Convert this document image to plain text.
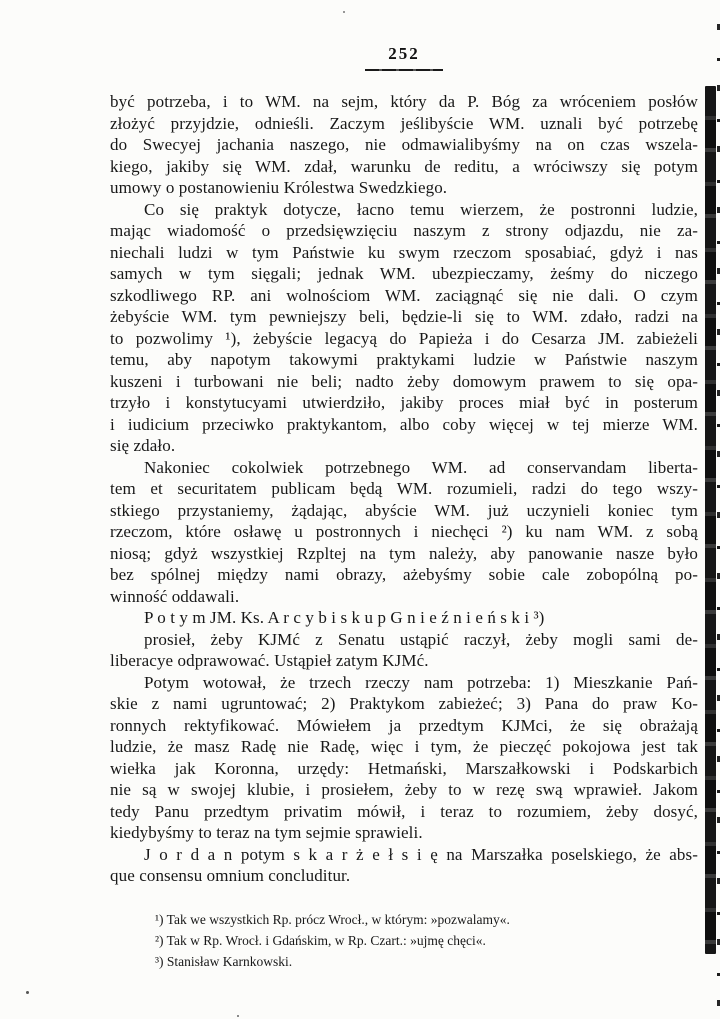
252
być potrzeba, i to WM. na sejm, który da P. Bóg za wróceniem posłów
złożyć przyjdzie, odnieśli. Zaczym jeślibyście WM. uznali być potrzebę
do Swecyej jachania naszego, nie odmawialibyśmy na on czas wszela-
kiego, jakiby się WM. zdał, warunku de reditu, a wróciwszy się potym
umowy o postanowieniu Królestwa Swedzkiego.
Co się praktyk dotycze, łacno temu wierzem, że postronni ludzie,
mając wiadomość o przedsięwzięciu naszym z strony odjazdu, nie za-
niechali ludzi w tym Państwie ku swym rzeczom sposabiać, gdyż i nas
samych w tym sięgali; jednak WM. ubezpieczamy, żeśmy do niczego
szkodliwego RP. ani wolnościom WM. zaciągnąć się nie dali. O czym
żebyście WM. tym pewniejszy beli, będzie-li się to WM. zdało, radzi na
to pozwolimy ¹), żebyście legacyą do Papieża i do Cesarza JM. zabieżeli
temu, aby napotym takowymi praktykami ludzie w Państwie naszym
kuszeni i turbowani nie beli; nadto żeby domowym prawem to się opa-
trzyło i konstytucyami utwierdziło, jakiby proces miał być in posterum
i iudicium przeciwko praktykantom, albo coby więcej w tej mierze WM.
się zdało.
Nakoniec cokolwiek potrzebnego WM. ad conservandam liberta-
tem et securitatem publicam będą WM. rozumieli, radzi do tego wszy-
stkiego przystaniemy, żądając, abyście WM. już uczynieli koniec tym
rzeczom, które osławę u postronnych i niechęci ²) ku nam WM. z sobą
niosą; gdyż wszystkiej Rzpltej na tym należy, aby panowanie nasze było
bez spólnej między nami obrazy, ażebyśmy sobie cale zobopólną po-
winność oddawali.
P o t y m JM. Ks. A r c y b i s k u p G n i e ź n i e ń s k i ³)
prosieł, żeby KJMć z Senatu ustąpić raczył, żeby mogli sami de-
liberacye odprawować. Ustąpieł zatym KJMć.
Potym wotował, że trzech rzeczy nam potrzeba: 1) Mieszkanie Pań-
skie z nami ugruntować; 2) Praktykom zabieżeć; 3) Pana do praw Ko-
ronnych rektyfikować. Mówiełem ja przedtym KJMci, że się obrażają
ludzie, że masz Radę nie Radę, więc i tym, że pieczęć pokojowa jest tak
wiełka jak Koronna, urzędy: Hetmański, Marszałkowski i Podskarbich
nie są w swojej klubie, i prosiełem, żeby to w rezę swą wprawieł. Jakom
tedy Panu przedtym privatim mówił, i teraz to rozumiem, żeby dosyć,
kiedybyśmy to teraz na tym sejmie sprawieli.
J o r d a n potym s k a r ż e ł s i ę na Marszałka poselskiego, że abs-
que consensu omnium concluditur.
¹) Tak we wszystkich Rp. prócz Wrocł., w którym: »pozwalamy«.
²) Tak w Rp. Wrocł. i Gdańskim, w Rp. Czart.: »ujmę chęci«.
³) Stanisław Karnkowski.
